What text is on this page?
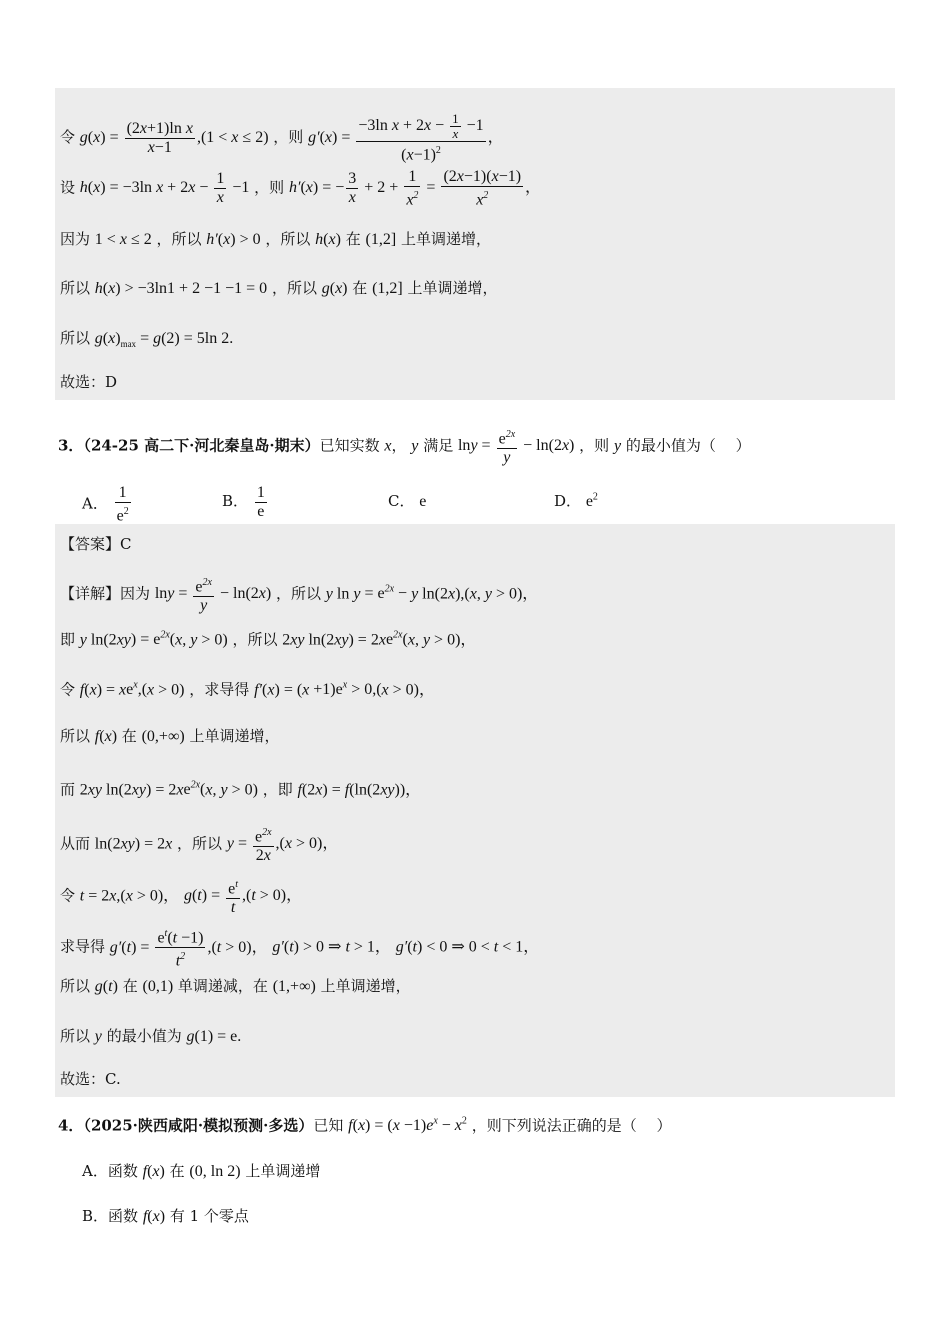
令 $g(x) = \frac{\text{(2x+1)ln x}}{x-1} ,(1 < x \le 2)$ ，则 $g'(x) = \frac{-3\ln x + 2x - \frac{1}{x} -1}{(x-1)^2}$ ，
设 h(x) = −3ln $x + 2x - \frac{1}{x} -1$ ，则 h′(x) = − $\frac{3}{x} + 2 + \frac{1}{x^2} = \frac{(2x-1)(x-1)}{x^2}$ ，
因为 1 < x ≤ 2 ，所以 h′(x) > 0 ，所以 h(x) 在 (1,2] 上单调递增，
所以 h(x) > −3ln1 + 2 −1 −1 = 0 ，所以 g(x) 在 (1,2] 上单调递增，
所以 $g(x)_{max} = g(2) = 5\ln$ 2.
故选：D
3．（24-25 高二下·河北秦皇岛·期末）已知实数 x， y 满足 $\ln y = \frac{e^{2x}}{y} - \ln(2x)$ ，则 y 的最小值为（　 ）
A． $\frac{1}{e^2}$	B． $\frac{1}{e}$	C． e	D． $e^2$
【答案】C
【详解】因为 $\ln y = \frac{e^{2x}}{y} - \ln(2x)$ ，所以 y $\ln y = e^{2x} - y$ ln(2x),(x, y > 0)，
即 y $\ln(2xy) = e^{2x}(x$, y > 0) ，所以 2xy $\ln(2xy) = 2xe^{2x}(x$, y > 0)，
令 $f(x) = xe^x,(x > 0)$ ，求导得 $f'(x) = (x +1)e^x > 0,(x > 0)$，
所以 f(x) 在 (0,+∞) 上单调递增，
而 2xy $\ln(2xy) = 2xe^{2x}(x$, y > 0) ，即 f(2x) = f(ln(2xy))，
从而 ln(2xy) = 2x ，所以 $y = \frac{e^{2x}}{2x} ,(x > 0)$，
令 t = 2x,(x > 0)， $g(t) = \frac{e^t}{t} ,(t > 0)$，
求导得 $g'(t) = \frac{e^t(t -1)}{t^2} ,(t > 0)$， g′(t) > 0 ⇒ t > 1， g′(t) < 0 ⇒ 0 < t < 1，
所以 g(t) 在 (0,1) 单调递减，在 (1,+∞) 上单调递增，
所以 y 的最小值为 g(1) = e.
故选：C.
4．（2025·陕西咸阳·模拟预测·多选）已知 $f(x) = (x -1)e^x - x^2$ ，则下列说法正确的是（　 ）
A．函数 f(x) 在 (0, ln 2) 上单调递增
B．函数 f(x) 有 1 个零点
